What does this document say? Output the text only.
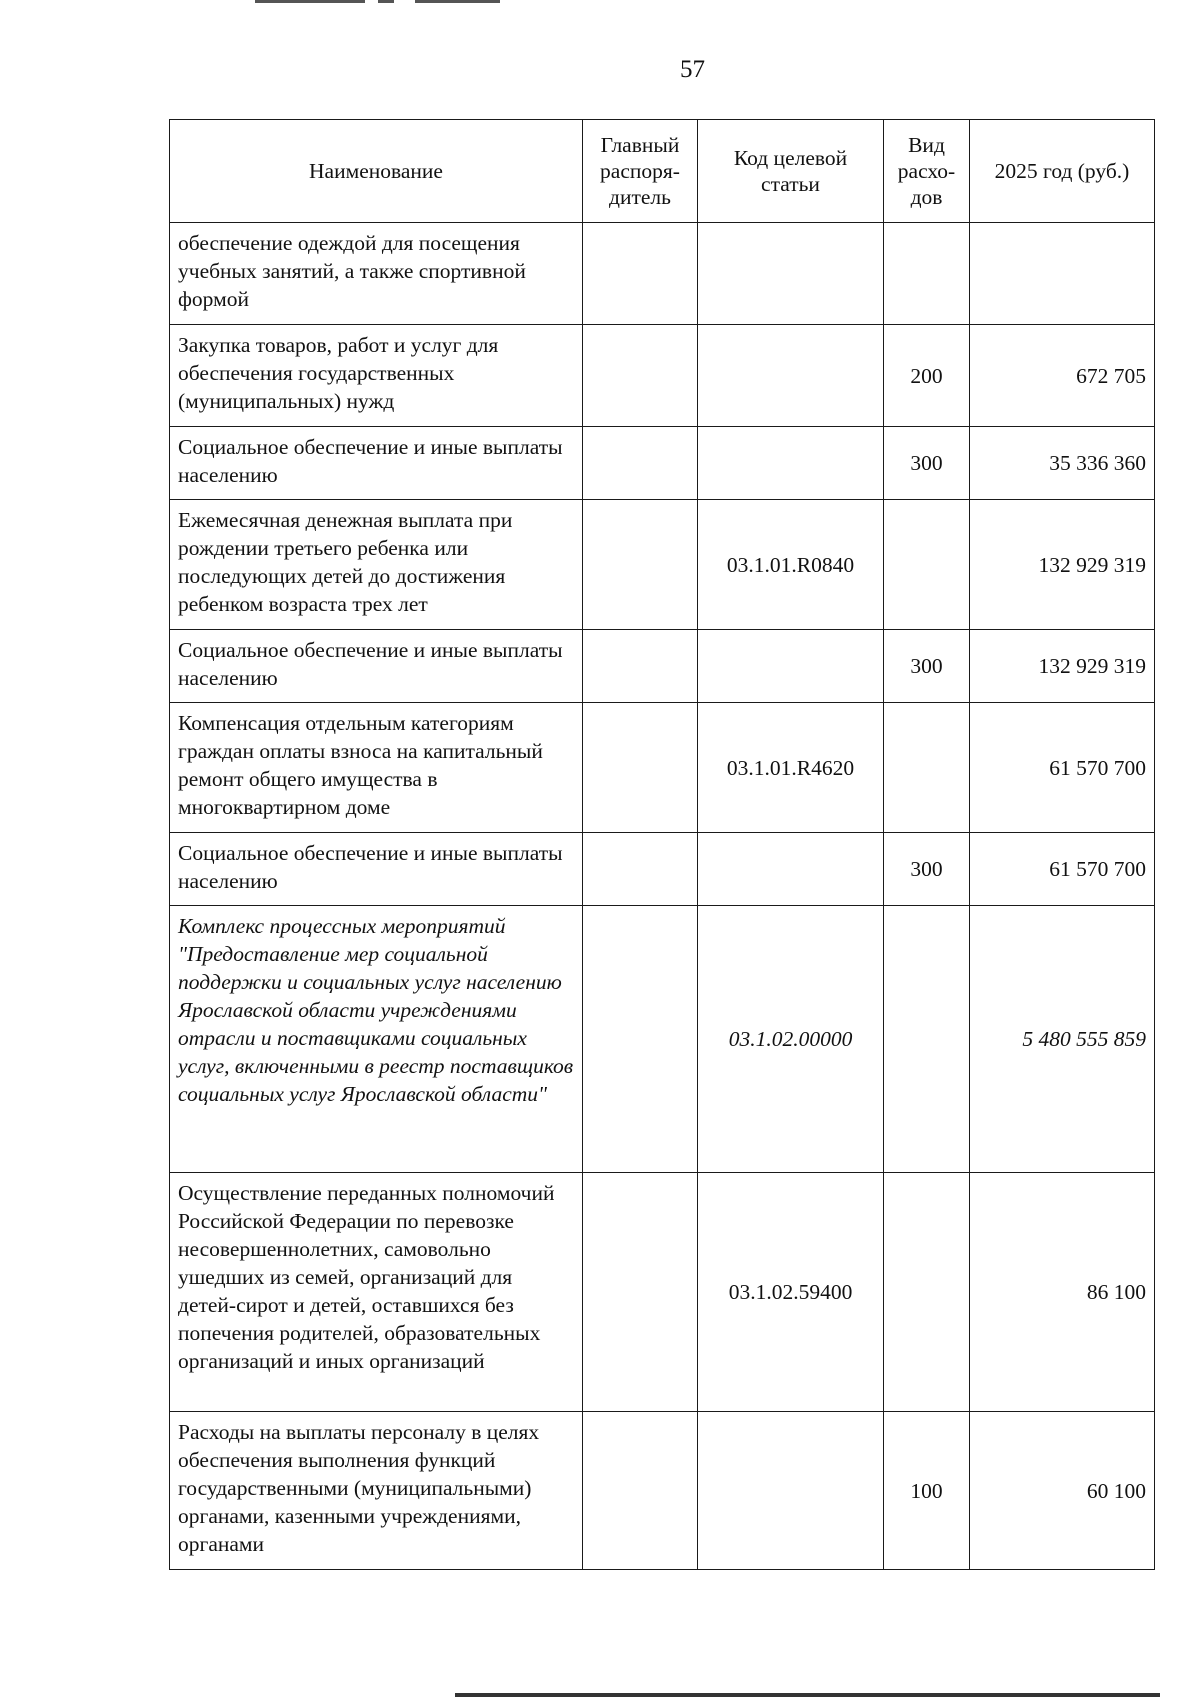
57
Наименование	Главный распоря-дитель	Код целевой статьи	Вид расхо-дов	2025 год (руб.)
обеспечение одеждой для посещения учебных занятий, а также спортивной формой				
Закупка товаров, работ и услуг для обеспечения государственных (муниципальных) нужд			200	672 705
Социальное обеспечение и иные выплаты населению			300	35 336 360
Ежемесячная денежная выплата при рождении третьего ребенка или последующих детей до достижения ребенком возраста трех лет		03.1.01.R0840		132 929 319
Социальное обеспечение и иные выплаты населению			300	132 929 319
Компенсация отдельным категориям граждан оплаты взноса на капитальный ремонт общего имущества в многоквартирном доме		03.1.01.R4620		61 570 700
Социальное обеспечение и иные выплаты населению			300	61 570 700
Комплекс процессных мероприятий "Предоставление мер социальной поддержки и социальных услуг населению Ярославской области учреждениями отрасли и поставщиками социальных услуг, включенными в реестр поставщиков социальных услуг Ярославской области"		03.1.02.00000		5 480 555 859
Осуществление переданных полномочий Российской Федерации по перевозке несовершеннолетних, самовольно ушедших из семей, организаций для детей-сирот и детей, оставшихся без попечения родителей, образовательных организаций и иных организаций		03.1.02.59400		86 100
Расходы на выплаты персоналу в целях обеспечения выполнения функций государственными (муниципальными) органами, казенными учреждениями, органами			100	60 100
